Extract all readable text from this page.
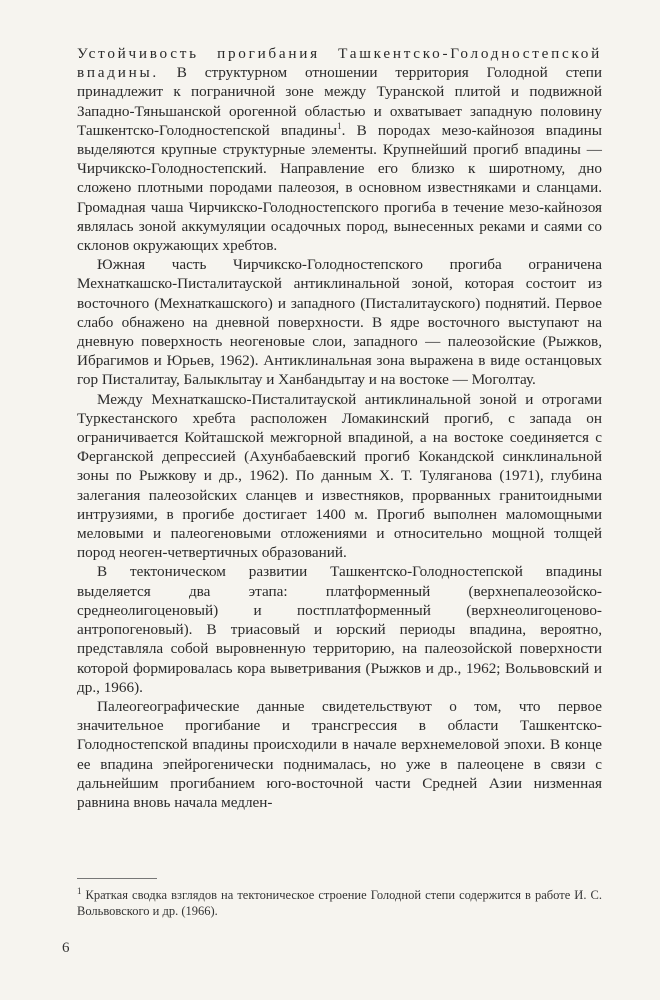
Устойчивость прогибания Ташкентско-Голодностепской впадины. В структурном отношении территория Голодной степи принадлежит к пограничной зоне между Туранской плитой и подвижной Западно-Тяньшанской орогенной областью и охватывает западную половину Ташкентско-Голодностепской впадины$^1$. В породах мезо-кайнозоя впадины выделяются крупные структурные элементы. Крупнейший прогиб впадины — Чирчикско-Голодностепский. Направление его близко к широтному, дно сложено плотными породами палеозоя, в основном известняками и сланцами. Громадная чаша Чирчикско-Голодностепского прогиба в течение мезо-кайнозоя являлась зоной аккумуляции осадочных пород, вынесенных реками и саями со склонов окружающих хребтов.

Южная часть Чирчикско-Голодностепского прогиба ограничена Мехнаткашско-Писталитауской антиклинальной зоной, которая состоит из восточного (Мехнаткашского) и западного (Писталитауского) поднятий. Первое слабо обнажено на дневной поверхности. В ядре восточного выступают на дневную поверхность неогеновые слои, западного — палеозойские (Рыжков, Ибрагимов и Юрьев, 1962). Антиклинальная зона выражена в виде останцовых гор Писталитау, Балыклытау и Ханбандытау и на востоке — Моголтау.

Между Мехнаткашско-Писталитауской антиклинальной зоной и отрогами Туркестанского хребта расположен Ломакинский прогиб, с запада он ограничивается Койташской межгорной впадиной, а на востоке соединяется с Ферганской депрессией (Ахунбабаевский прогиб Кокандской синклинальной зоны по Рыжкову и др., 1962). По данным Х. Т. Туляганова (1971), глубина залегания палеозойских сланцев и известняков, прорванных гранитоидными интрузиями, в прогибе достигает 1400 м. Прогиб выполнен маломощными меловыми и палеогеновыми отложениями и относительно мощной толщей пород неоген-четвертичных образований.

В тектоническом развитии Ташкентско-Голодностепской впадины выделяется два этапа: платформенный (верхнепалеозойско-среднеолигоценовый) и постплатформенный (верхнеолигоценово-антропогеновый). В триасовый и юрский периоды впадина, вероятно, представляла собой выровненную территорию, на палеозойской поверхности которой формировалась кора выветривания (Рыжков и др., 1962; Вольвовский и др., 1966).

Палеогеографические данные свидетельствуют о том, что первое значительное прогибание и трансгрессия в области Ташкентско-Голодностепской впадины происходили в начале верхнемеловой эпохи. В конце ее впадина эпейрогенически поднималась, но уже в палеоцене в связи с дальнейшим прогибанием юго-восточной части Средней Азии низменная равнина вновь начала медлен-

$^1$ Краткая сводка взглядов на тектоническое строение Голодной степи содержится в работе И. С. Вольвовского и др. (1966).
6
